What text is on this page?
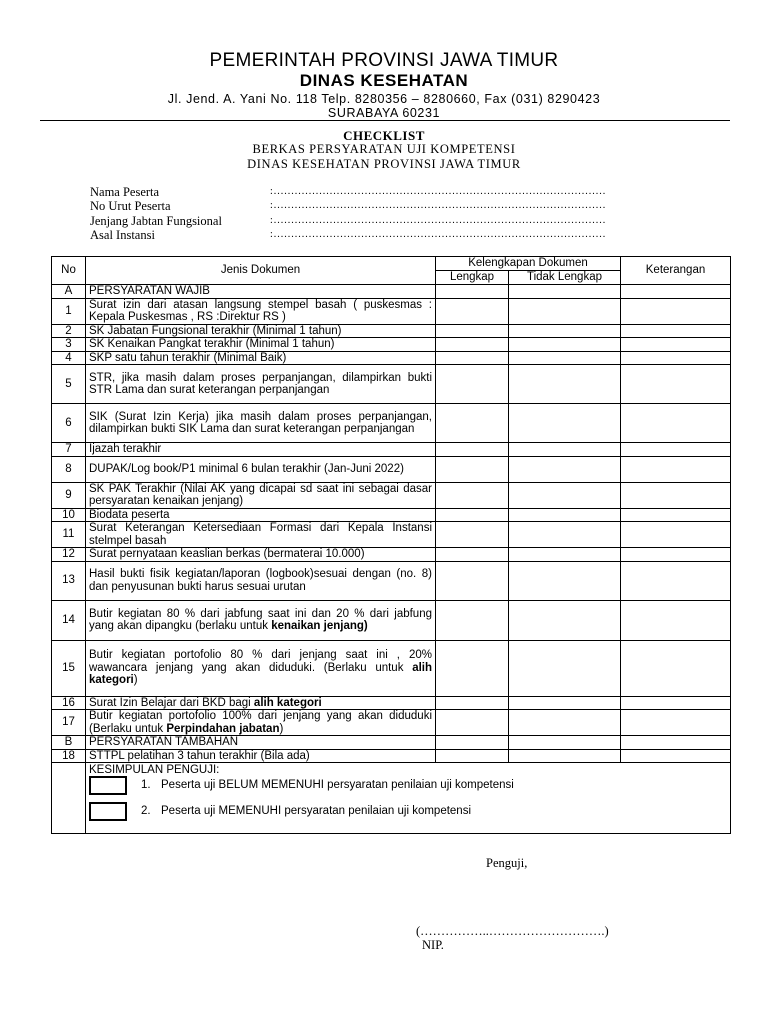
PEMERINTAH PROVINSI JAWA TIMUR
DINAS KESEHATAN
Jl. Jend. A. Yani No. 118 Telp. 8280356 – 8280660, Fax (031) 8290423
SURABAYA 60231
CHECKLIST
BERKAS PERSYARATAN UJI KOMPETENSI
DINAS KESEHATAN PROVINSI JAWA TIMUR
Nama Peserta	:...............................................................................................
No Urut Peserta	:...............................................................................................
Jenjang Jabtan Fungsional	:...............................................................................................
Asal Instansi	:...............................................................................................
No	Jenis Dokumen	Kelengkapan Dokumen		Keterangan
		Lengkap	Tidak Lengkap	
A	PERSYARATAN WAJIB			
1	Surat izin dari atasan langsung stempel basah ( puskesmas : Kepala Puskesmas , RS :Direktur RS )			
2	SK Jabatan Fungsional terakhir (Minimal 1 tahun)			
3	SK Kenaikan Pangkat terakhir (Minimal 1 tahun)			
4	SKP satu tahun terakhir (Minimal Baik)			
5	STR, jika masih dalam proses perpanjangan, dilampirkan bukti STR Lama dan surat keterangan perpanjangan			
6	SIK (Surat Izin Kerja) jika masih dalam proses perpanjangan, dilampirkan bukti SIK Lama dan surat keterangan perpanjangan			
7	Ijazah terakhir			
8	DUPAK/Log book/P1 minimal 6 bulan terakhir (Jan-Juni 2022)			
9	SK PAK Terakhir (Nilai AK yang dicapai sd saat ini sebagai dasar persyaratan kenaikan jenjang)			
10	Biodata peserta			
11	Surat Keterangan Ketersediaan Formasi dari Kepala Instansi stelmpel basah			
12	Surat pernyataan keaslian berkas (bermaterai 10.000)			
13	Hasil bukti fisik kegiatan/laporan (logbook)sesuai dengan (no. 8) dan penyusunan bukti harus sesuai urutan			
14	Butir kegiatan 80 % dari jabfung saat ini dan 20 % dari jabfung yang akan dipangku (berlaku untuk kenaikan jenjang)			
15	Butir kegiatan portofolio 80 % dari jenjang saat ini , 20% wawancara jenjang yang akan diduduki. (Berlaku untuk alih kategori)			
16	Surat Izin Belajar dari BKD bagi alih kategori			
17	Butir kegiatan portofolio 100% dari jenjang yang akan diduduki (Berlaku untuk Perpindahan jabatan)			
B	PERSYARATAN TAMBAHAN			
18	STTPL pelatihan 3 tahun terakhir (Bila ada)			

	KESIMPULAN PENGUJI:
1. Peserta uji BELUM MEMENUHI persyaratan penilaian uji kompetensi
2. Peserta uji MEMENUHI persyaratan penilaian uji kompetensi			
Penguji,
(……………..……………………….)
NIP.
